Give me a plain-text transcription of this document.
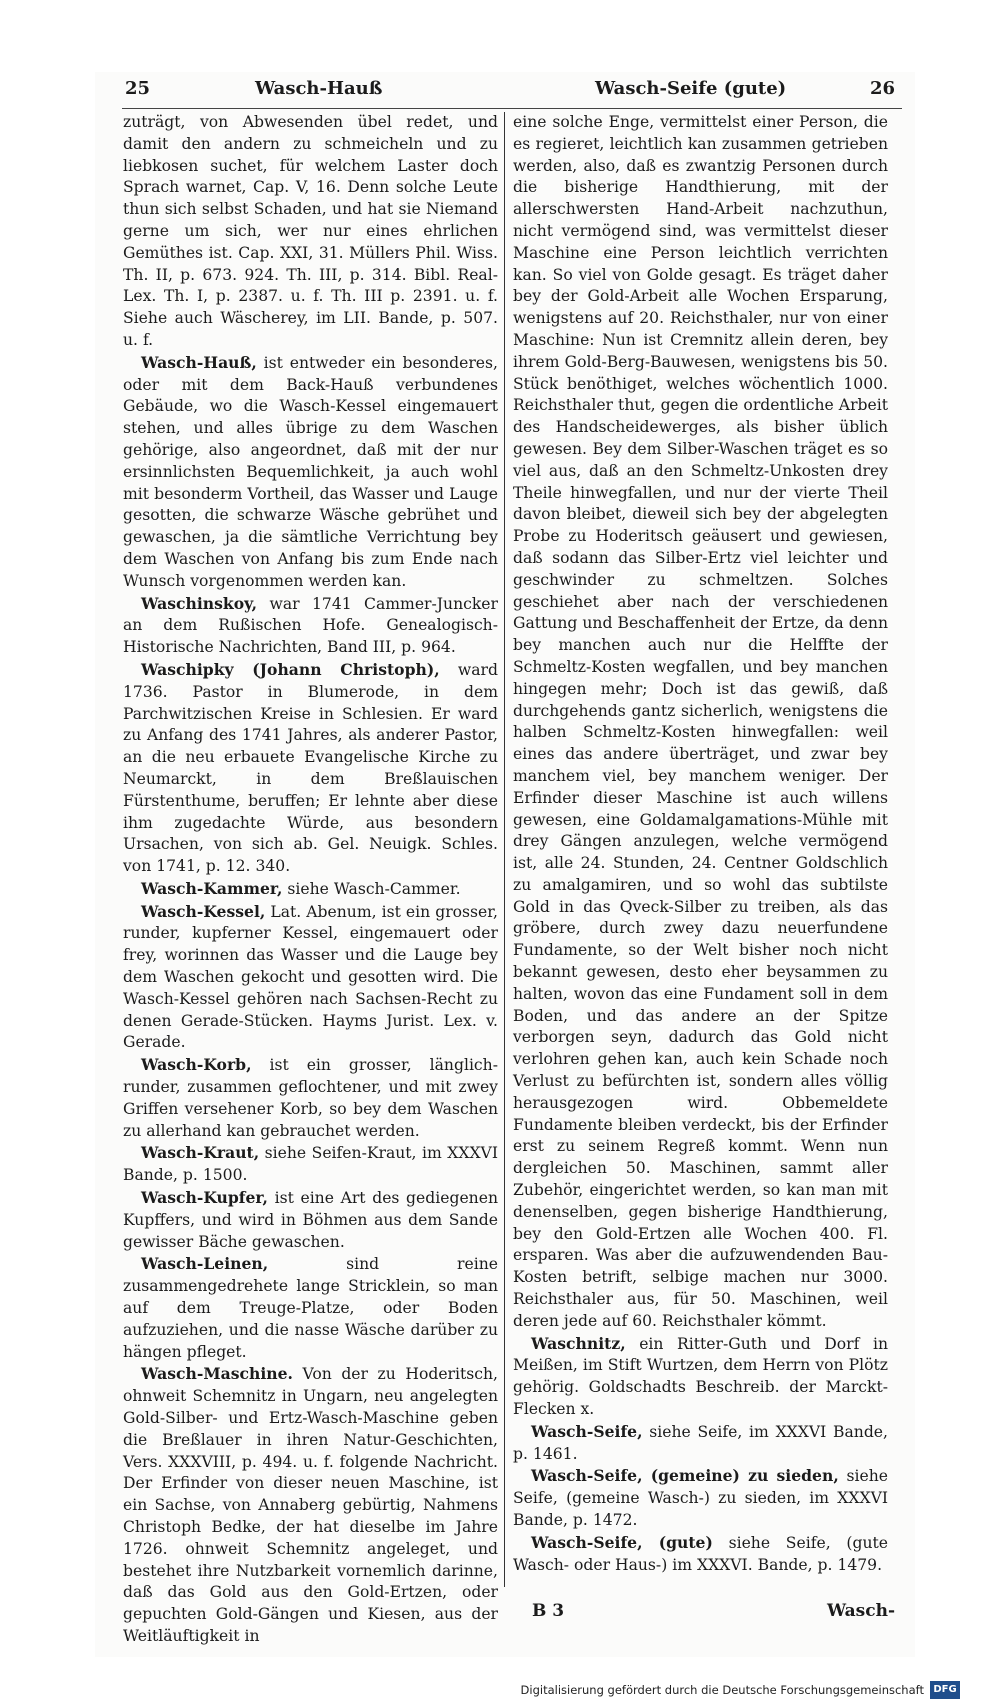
25	Wasch-Hauß	Wasch-Seife (gute)	26

zuträgt, von Abwesenden übel redet, und damit den andern zu schmeicheln und zu liebkosen suchet, für welchem Laster doch Sprach warnet, Cap. V, 16. Denn solche Leute thun sich selbst Schaden, und hat sie Niemand gerne um sich, wer nur eines ehrlichen Gemüthes ist. Cap. XXI, 31. Müllers Phil. Wiss. Th. II, p. 673. 924. Th. III, p. 314. Bibl. Real-Lex. Th. I, p. 2387. u. f. Th. III p. 2391. u. f. Siehe auch Wäscherey, im LII. Bande, p. 507. u. f.

Wasch-Hauß, ist entweder ein besonderes, oder mit dem Back-Hauß verbundenes Gebäude, wo die Wasch-Kessel eingemauert stehen, und alles übrige zu dem Waschen gehörige, also angeordnet, daß mit der nur ersinnlichsten Bequemlichkeit, ja auch wohl mit besonderm Vortheil, das Wasser und Lauge gesotten, die schwarze Wäsche gebrühet und gewaschen, ja die sämtliche Verrichtung bey dem Waschen von Anfang bis zum Ende nach Wunsch vorgenommen werden kan.

Waschinskoy, war 1741 Cammer-Juncker an dem Rußischen Hofe. Genealogisch-Historische Nachrichten, Band III, p. 964.

Waschipky (Johann Christoph), ward 1736. Pastor in Blumerode, in dem Parchwitzischen Kreise in Schlesien. Er ward zu Anfang des 1741 Jahres, als anderer Pastor, an die neu erbauete Evangelische Kirche zu Neumarckt, in dem Breßlauischen Fürstenthume, beruffen; Er lehnte aber diese ihm zugedachte Würde, aus besondern Ursachen, von sich ab. Gel. Neuigk. Schles. von 1741, p. 12. 340.

Wasch-Kammer, siehe Wasch-Cammer.

Wasch-Kessel, Lat. Abenum, ist ein grosser, runder, kupferner Kessel, eingemauert oder frey, worinnen das Wasser und die Lauge bey dem Waschen gekocht und gesotten wird. Die Wasch-Kessel gehören nach Sachsen-Recht zu denen Gerade-Stücken. Hayms Jurist. Lex. v. Gerade.

Wasch-Korb, ist ein grosser, länglich-runder, zusammen geflochtener, und mit zwey Griffen versehener Korb, so bey dem Waschen zu allerhand kan gebrauchet werden.

Wasch-Kraut, siehe Seifen-Kraut, im XXXVI Bande, p. 1500.

Wasch-Kupfer, ist eine Art des gediegenen Kupffers, und wird in Böhmen aus dem Sande gewisser Bäche gewaschen.

Wasch-Leinen,	sind reine zusammengedrehete lange Stricklein, so man auf dem Treuge-Platze, oder Boden aufzuziehen, und die nasse Wäsche darüber zu hängen pfleget.

Wasch-Maschine. Von der zu Hoderitsch, ohnweit Schemnitz in Ungarn, neu angelegten Gold-Silber- und Ertz-Wasch-Maschine geben die Breßlauer in ihren Natur-Geschichten, Vers. XXXVIII, p. 494. u. f. folgende Nachricht. Der Erfinder von dieser neuen Maschine, ist ein Sachse, von Annaberg gebürtig, Nahmens Christoph Bedke, der hat dieselbe im Jahre 1726. ohnweit Schemnitz angeleget, und bestehet ihre Nutzbarkeit vornemlich darinne, daß das Gold aus den Gold-Ertzen, oder gepuchten Gold-Gängen und Kiesen, aus der Weitläuftigkeit in

eine solche Enge, vermittelst einer Person, die es regieret, leichtlich kan zusammen getrieben werden, also, daß es zwantzig Personen durch die bisherige Handthierung, mit der allerschwersten Hand-Arbeit nachzuthun, nicht vermögend sind, was vermittelst dieser Maschine eine Person leichtlich verrichten kan. So viel von Golde gesagt. Es träget daher bey der Gold-Arbeit alle Wochen Ersparung, wenigstens auf 20. Reichsthaler, nur von einer Maschine: Nun ist Cremnitz allein deren, bey ihrem Gold-Berg-Bauwesen, wenigstens bis 50. Stück benöthiget, welches wöchentlich 1000. Reichsthaler thut, gegen die ordentliche Arbeit des Handscheidewerges, als bisher üblich gewesen. Bey dem Silber-Waschen träget es so viel aus, daß an den Schmeltz-Unkosten drey Theile hinwegfallen, und nur der vierte Theil davon bleibet, dieweil sich bey der abgelegten Probe zu Hoderitsch geäusert und gewiesen, daß sodann das Silber-Ertz viel leichter und geschwinder zu schmeltzen. Solches geschiehet aber nach der verschiedenen Gattung und Beschaffenheit der Ertze, da denn bey manchen auch nur die Helffte der Schmeltz-Kosten wegfallen, und bey manchen hingegen mehr; Doch ist das gewiß, daß durchgehends gantz sicherlich, wenigstens die halben Schmeltz-Kosten hinwegfallen: weil eines das andere überträget, und zwar bey manchem viel, bey manchem weniger. Der Erfinder dieser Maschine ist auch willens gewesen, eine Goldamalgamations-Mühle mit drey Gängen anzulegen, welche vermögend ist, alle 24. Stunden, 24. Centner Goldschlich zu amalgamiren, und so wohl das subtilste Gold in das Qveck-Silber zu treiben, als das gröbere, durch zwey dazu neuerfundene Fundamente, so der Welt bisher noch nicht bekannt gewesen, desto eher beysammen zu halten, wovon das eine Fundament soll in dem Boden, und das andere an der Spitze verborgen seyn, dadurch das Gold nicht verlohren gehen kan, auch kein Schade noch Verlust zu befürchten ist, sondern alles völlig herausgezogen wird. Obbemeldete Fundamente bleiben verdeckt, bis der Erfinder erst zu seinem Regreß kommt. Wenn nun dergleichen 50. Maschinen, sammt aller Zubehör, eingerichtet werden, so kan man mit denenselben, gegen bisherige Handthierung, bey den Gold-Ertzen alle Wochen 400. Fl. ersparen. Was aber die aufzuwendenden Bau-Kosten betrift, selbige machen nur 3000. Reichsthaler aus, für 50. Maschinen, weil deren jede auf 60. Reichsthaler kömmt.

Waschnitz, ein Ritter-Guth und Dorf in Meißen, im Stift Wurtzen, dem Herrn von Plötz gehörig. Goldschadts Beschreib. der Marckt-Flecken x.

Wasch-Seife, siehe Seife, im XXXVI Bande, p. 1461.

Wasch-Seife, (gemeine) zu sieden, siehe Seife, (gemeine Wasch-) zu sieden, im XXXVI Bande, p. 1472.

Wasch-Seife, (gute) siehe Seife, (gute Wasch- oder Haus-) im XXXVI. Bande, p. 1479.

B 3	Wasch-
Digitalisierung gefördert durch die Deutsche Forschungsgemeinschaft DFG
